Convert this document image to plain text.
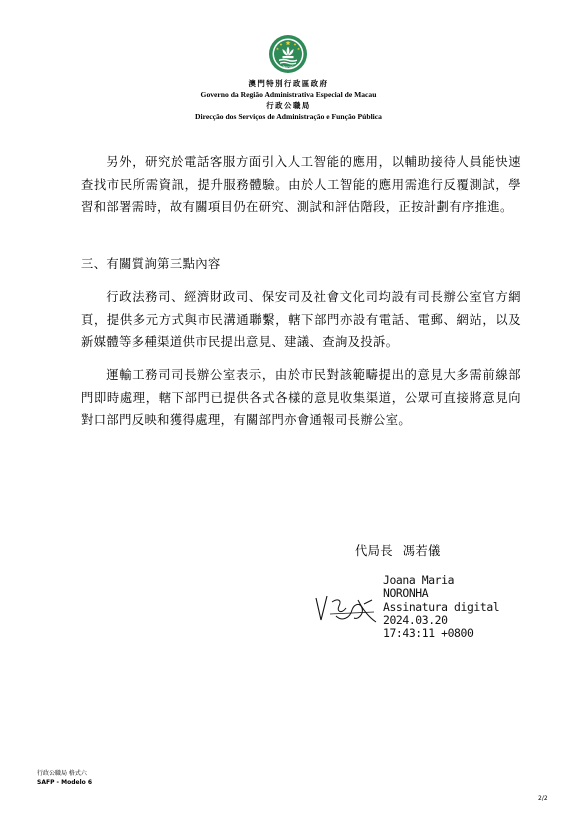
MACAU
澳門特別行政區政府
Governo da Região Administrativa Especial de Macau
行政公職局
Direcção dos Serviços de Administração e Função Pública

另外，研究於電話客服方面引入人工智能的應用，以輔助接待人員能快速查找市民所需資訊，提升服務體驗。由於人工智能的應用需進行反覆測試，學習和部署需時，故有關項目仍在研究、測試和評估階段，正按計劃有序推進。

三、有關質詢第三點內容

行政法務司、經濟財政司、保安司及社會文化司均設有司長辦公室官方網頁，提供多元方式與市民溝通聯繫，轄下部門亦設有電話、電郵、網站，以及新媒體等多種渠道供市民提出意見、建議、查詢及投訴。

運輸工務司司長辦公室表示，由於市民對該範疇提出的意見大多需前線部門即時處理，轄下部門已提供各式各樣的意見收集渠道，公眾可直接將意見向對口部門反映和獲得處理，有關部門亦會通報司長辦公室。

代局長 馮若儀
Joana Maria
NORONHA
Assinatura digital
2024.03.20
17:43:11 +0800
行政公職局 格式六
SAFP - Modelo 6
2/2
